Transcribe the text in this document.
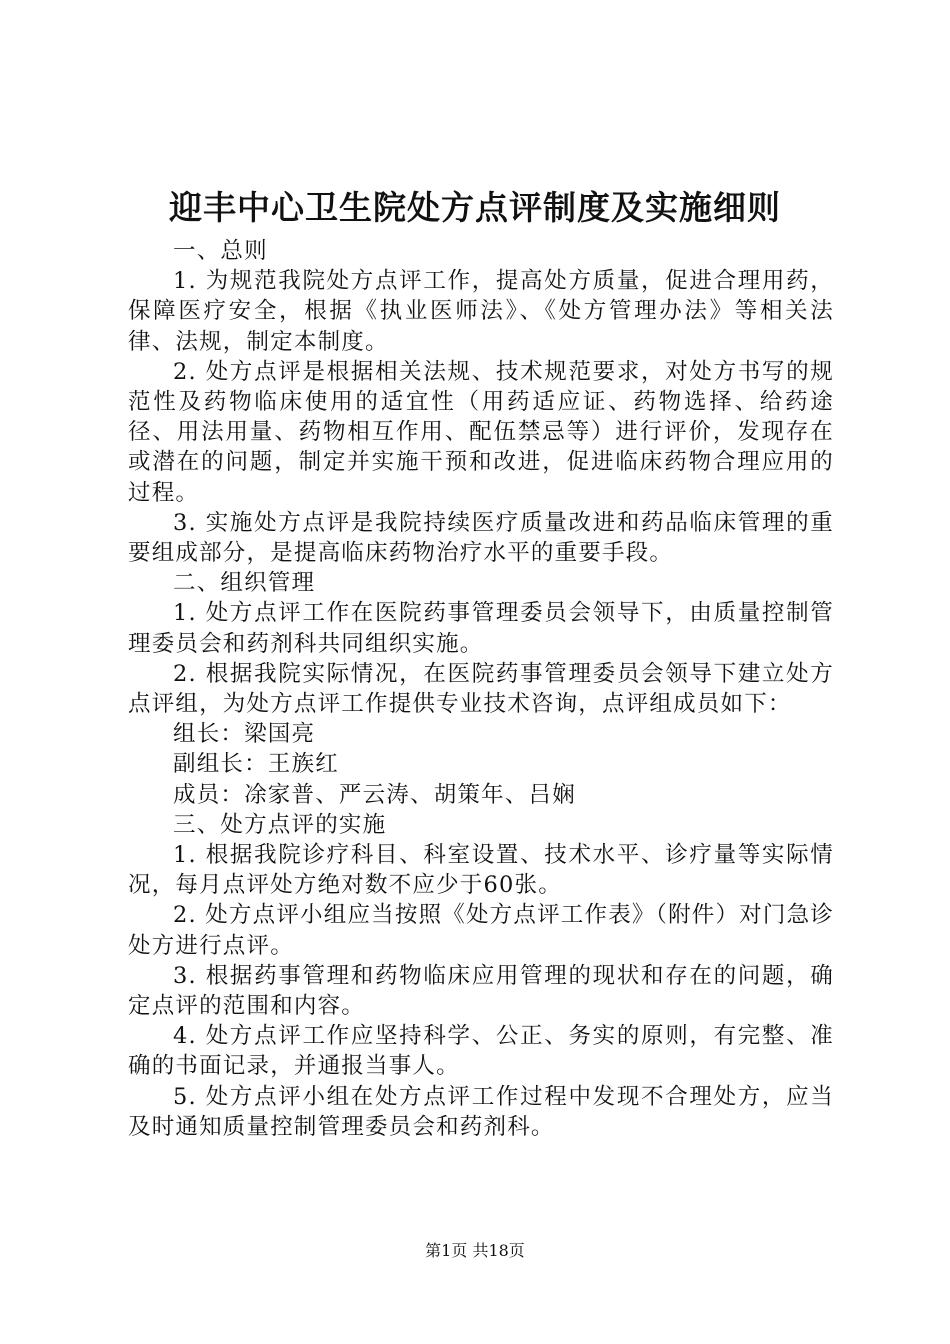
迎丰中心卫生院处方点评制度及实施细则

一、总则

1. 为规范我院处方点评工作，提高处方质量，促进合理用药，保障医疗安全，根据《执业医师法》、《处方管理办法》等相关法律、法规，制定本制度。

2. 处方点评是根据相关法规、技术规范要求，对处方书写的规范性及药物临床使用的适宜性（用药适应证、药物选择、给药途径、用法用量、药物相互作用、配伍禁忌等）进行评价，发现存在或潜在的问题，制定并实施干预和改进，促进临床药物合理应用的过程。

3. 实施处方点评是我院持续医疗质量改进和药品临床管理的重要组成部分，是提高临床药物治疗水平的重要手段。

二、组织管理

1. 处方点评工作在医院药事管理委员会领导下，由质量控制管理委员会和药剂科共同组织实施。

2. 根据我院实际情况，在医院药事管理委员会领导下建立处方点评组，为处方点评工作提供专业技术咨询，点评组成员如下：

组长：梁国亮

副组长：王族红

成员：凃家普、严云涛、胡策年、吕娴

三、处方点评的实施

1. 根据我院诊疗科目、科室设置、技术水平、诊疗量等实际情况，每月点评处方绝对数不应少于60张。

2. 处方点评小组应当按照《处方点评工作表》（附件）对门急诊处方进行点评。

3. 根据药事管理和药物临床应用管理的现状和存在的问题，确定点评的范围和内容。

4. 处方点评工作应坚持科学、公正、务实的原则，有完整、准确的书面记录，并通报当事人。

5. 处方点评小组在处方点评工作过程中发现不合理处方，应当及时通知质量控制管理委员会和药剂科。

第1页 共18页
